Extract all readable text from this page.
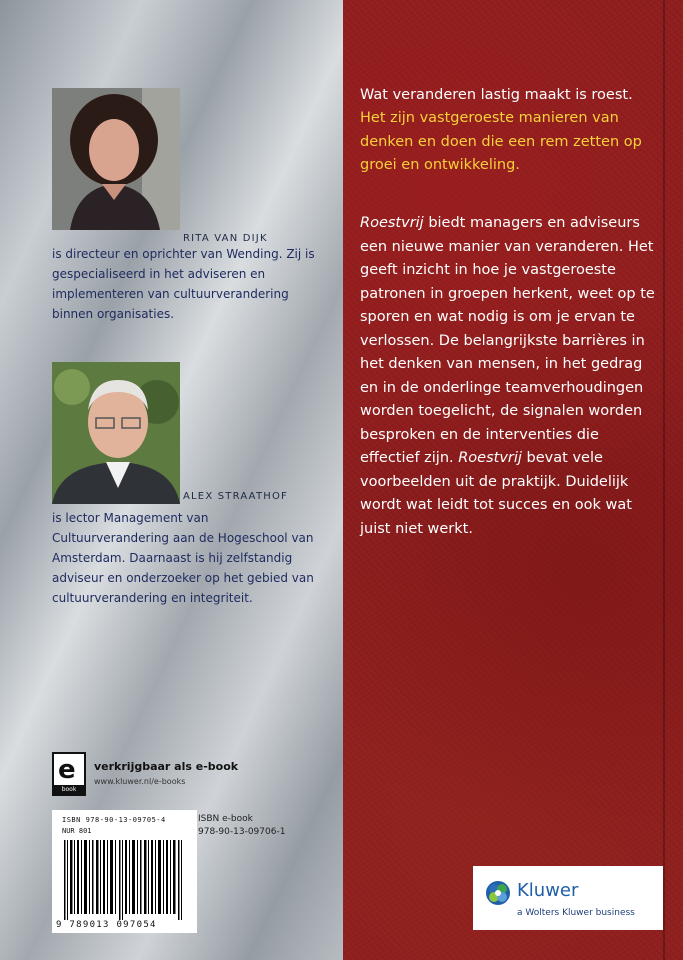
RITA VAN DIJK
is directeur en oprichter van Wending. Zij is gespecialiseerd in het adviseren en implementeren van cultuurverandering binnen organisaties.
ALEX STRAATHOF
is lector Management van Cultuurverandering aan de Hogeschool van Amsterdam. Daarnaast is hij zelfstandig adviseur en onderzoeker op het gebied van cultuurverandering en integriteit.
e
book
verkrijgbaar als e-book
www.kluwer.nl/e-books
ISBN 978-90-13-09705-4
NUR 801
9 789013 097054
ISBN e-book
978-90-13-09706-1
Wat veranderen lastig maakt is roest.
Het zijn vastgeroeste manieren van denken en doen die een rem zetten op groei en ontwikkeling.
Roestvrij biedt managers en adviseurs een nieuwe manier van veranderen. Het geeft inzicht in hoe je vastgeroeste patronen in groepen herkent, weet op te sporen en wat nodig is om je ervan te verlossen. De belangrijkste barrières in het denken van mensen, in het gedrag en in de onderlinge teamverhoudingen worden toegelicht, de signalen worden besproken en de interventies die effectief zijn. Roestvrij bevat vele voorbeelden uit de praktijk. Duidelijk wordt wat leidt tot succes en ook wat juist niet werkt.
Kluwer
a Wolters Kluwer business
